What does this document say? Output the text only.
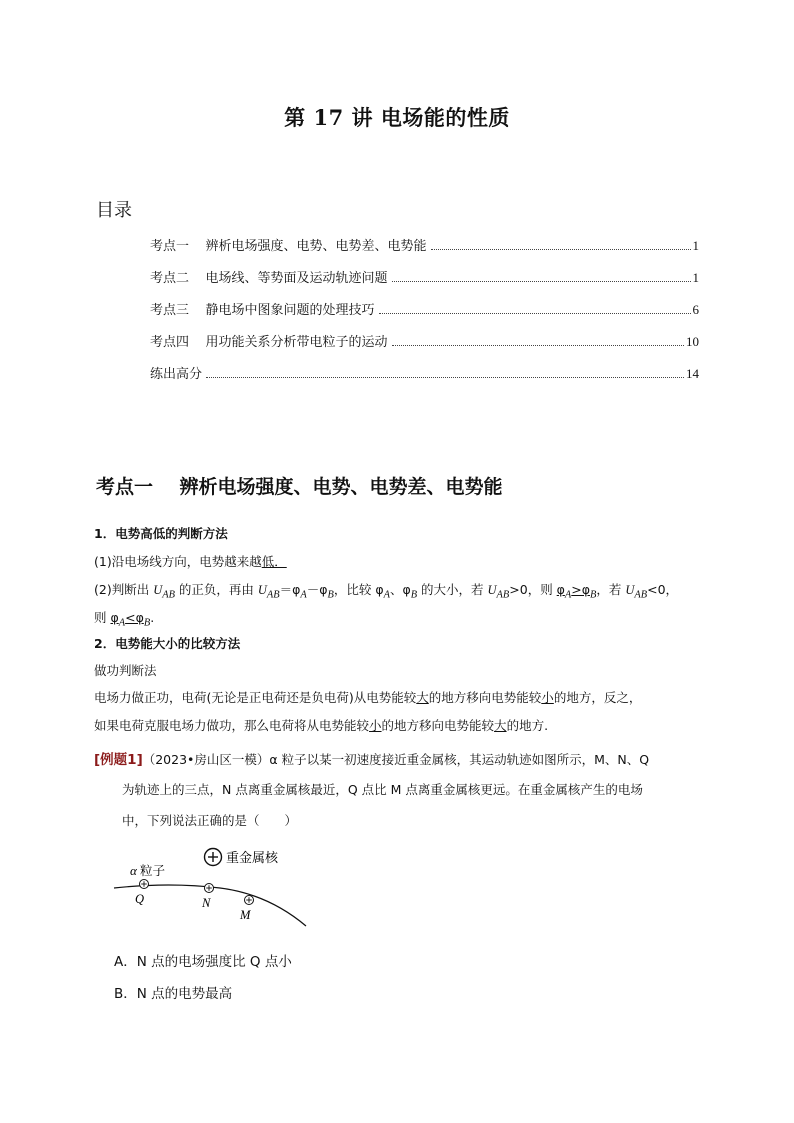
第 17 讲 电场能的性质
目录
考点一    辨析电场强度、电势、电势差、电势能	1
考点二    电场线、等势面及运动轨迹问题	1
考点三    静电场中图象问题的处理技巧	6
考点四    用功能关系分析带电粒子的运动	10
练出高分	14
考点一    辨析电场强度、电势、电势差、电势能
1．电势高低的判断方法
(1)沿电场线方向，电势越来越低．
(2)判断出 $U_{AB}$ 的正负，再由 $U_{AB}=\varphi_A-\varphi_B$，比较 $\varphi_A$、$\varphi_B$ 的大小，若 $U_{AB}>0$，则 $\varphi_A>\varphi_B$，若 $U_{AB}<0$，
则 $\varphi_A<\varphi_B$.
2．电势能大小的比较方法
做功判断法
电场力做正功，电荷(无论是正电荷还是负电荷)从电势能较大的地方移向电势能较小的地方，反之，
如果电荷克服电场力做功，那么电荷将从电势能较小的地方移向电势能较大的地方.
[例题1]（2023•房山区一模）α 粒子以某一初速度接近重金属核，其运动轨迹如图所示，M、N、Q
为轨迹上的三点，N 点离重金属核最近，Q 点比 M 点离重金属核更远。在重金属核产生的电场
中，下列说法正确的是（　　）
重金属核
α 粒子
Q	N
M
A．N 点的电场强度比 Q 点小
B．N 点的电势最高
